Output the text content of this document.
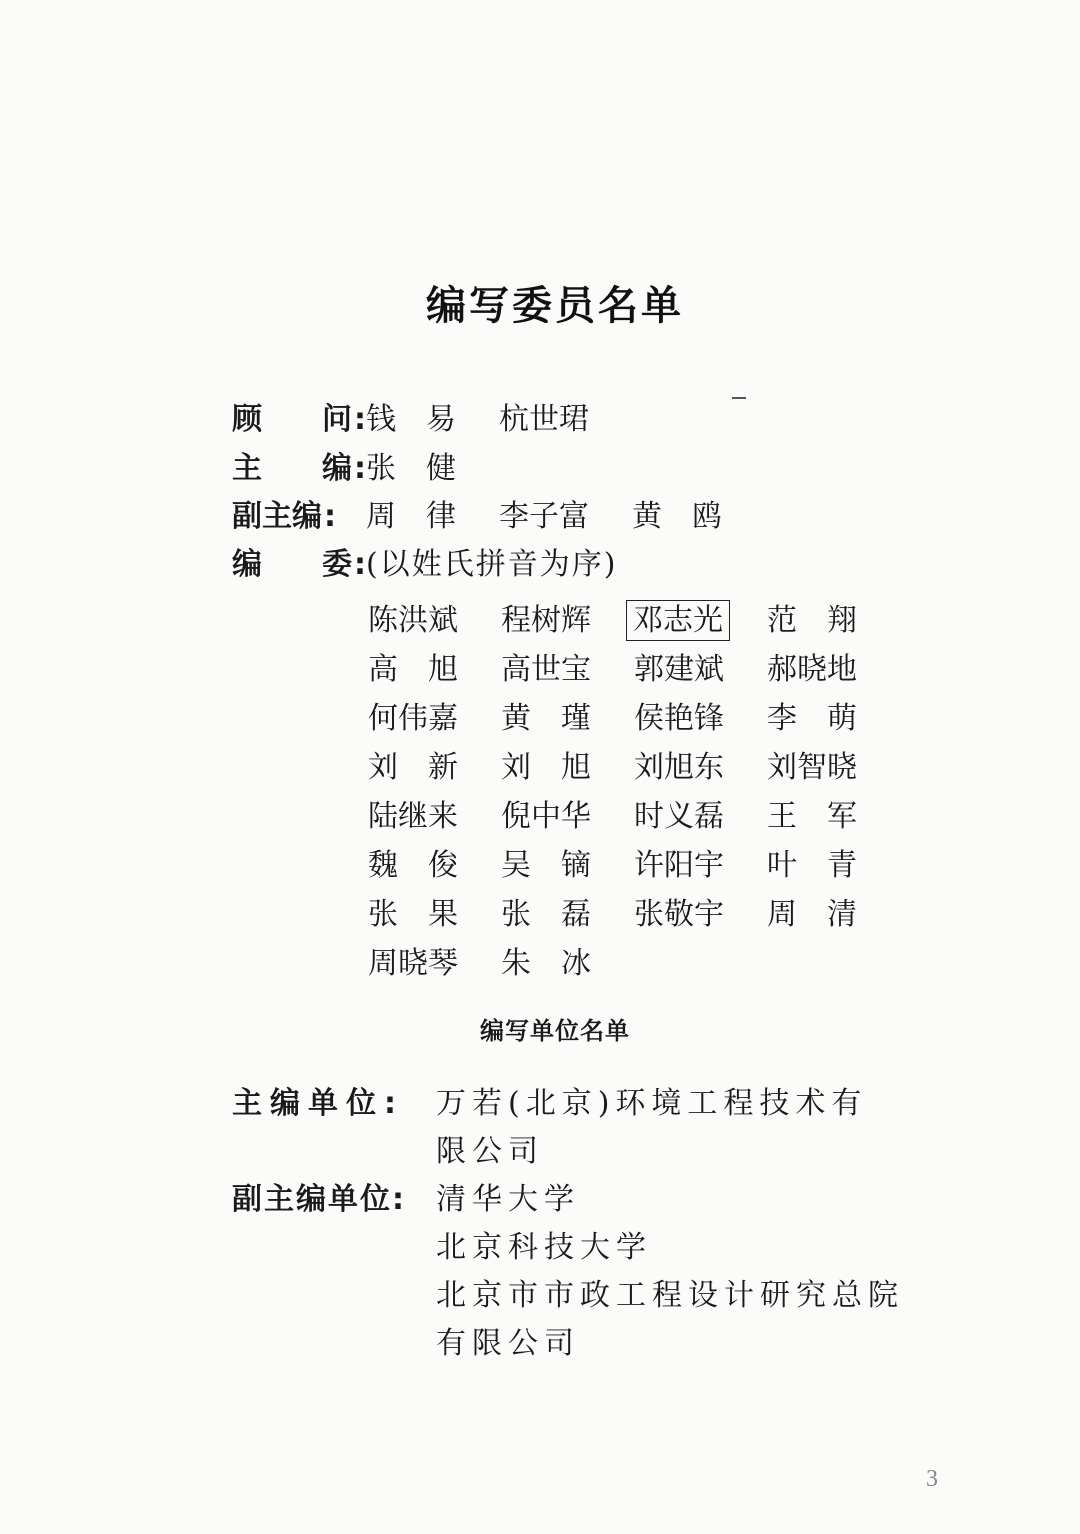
编写委员名单
顾 问: 钱　易	杭世珺
主 编: 张　健
副主编: 周　律	李子富	黄　鸥
编 委: (以姓氏拼音为序)
陈洪斌	程树辉	邓志光	范　翔
高　旭	高世宝	郭建斌	郝晓地
何伟嘉	黄　瑾	侯艳锋	李　萌
刘　新	刘　旭	刘旭东	刘智晓
陆继来	倪中华	时义磊	王　军
魏　俊	吴　镝	许阳宇	叶　青
张　果	张　磊	张敬宇	周　清
周晓琴	朱　冰
编写单位名单
主编单位: 万若(北京)环境工程技术有
限公司
副主编单位: 清华大学
北京科技大学
北京市市政工程设计研究总院
有限公司
3
